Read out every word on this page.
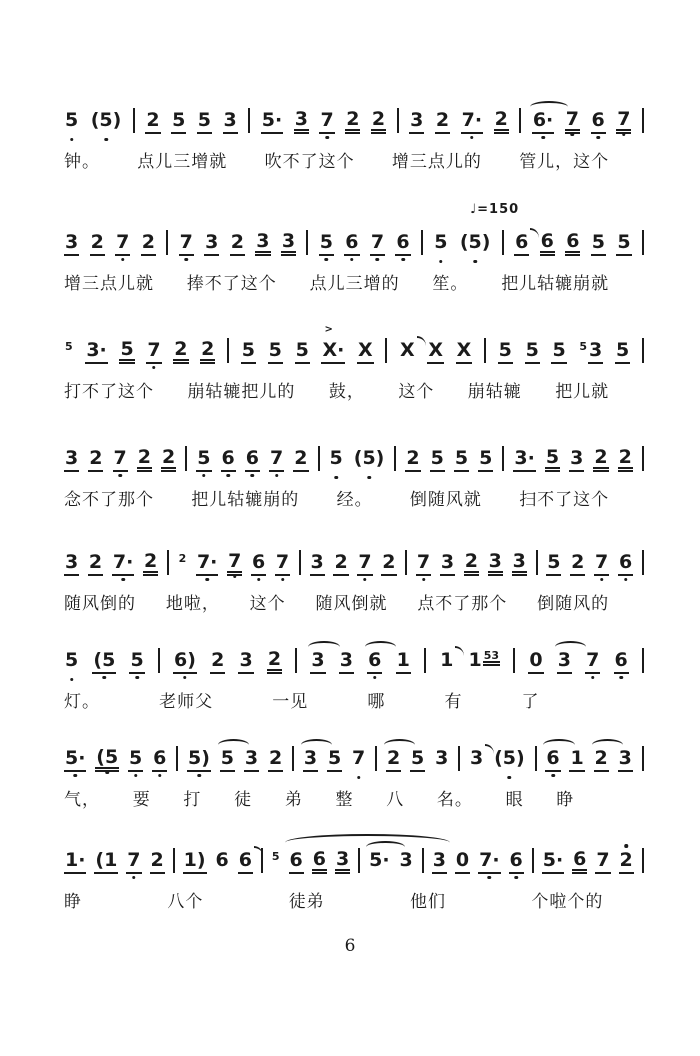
5 (5) 2 5 5 3 5· 3 7 2 2 3 2 7· 2 6· 7 6 7
钟。 点儿三增就 吹不了这个 增三点儿的 管儿，这个
♩=150
3 2 7 2 7 3 2 3 3 5 6 7 6 5 (5) 6 6 6 5 5
增三点儿就 捧不了这个 点儿三增的 笙。 把儿轱辘崩就
5 3· 5 7 2 2 5 5 5 X·
>
X X X X 5 5 5 5 3 5
打不了这个 崩轱辘把儿的 鼓， 这个 崩轱辘 把儿就
3 2 7 2 2 5 6 6 7 2 5 (5) 2 5 5 5 3· 5 3 2 2
念不了那个 把儿轱辘崩的 经。 倒随风就 扫不了这个
3 2 7· 2 2 7· 7 6 7 3 2 7 2 7 3 2 3 3 5 2 7 6
随风倒的 地啦， 这个 随风倒就 点不了那个 倒随风的
5 (5 5 6) 2 3 2 3 3 6 1 1 1 53 0 3 7 6
灯。	老师父	一见	哪	有	了
5· (5 5 6 5) 5 3 2 3 5 7 2 5 3 3 (5) 6 1 2 3
气， 要 打 徒 弟 整 八 名。 眼 睁
1· (1 7 2 1) 6 6 5 6 6 3 5· 3 3 0 7· 6 5· 6 7 2
睁	八个	徒弟	他们	个啦个的
6
